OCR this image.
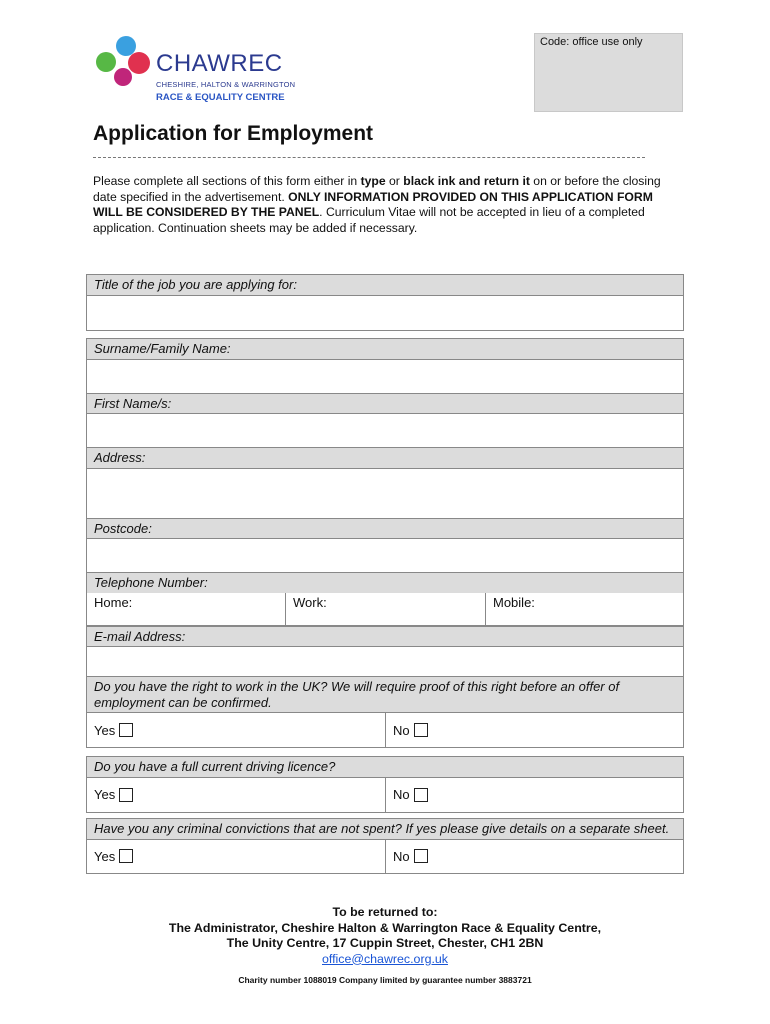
CHAWREC
CHESHIRE, HALTON & WARRINGTON
RACE & EQUALITY CENTRE
Code: office use only
Application for Employment
Please complete all sections of this form either in type or black ink and return it on or before the closing date specified in the advertisement. ONLY INFORMATION PROVIDED ON THIS APPLICATION FORM WILL BE CONSIDERED BY THE PANEL. Curriculum Vitae will not be accepted in lieu of a completed application. Continuation sheets may be added if necessary.
Title of the job you are applying for:
Surname/Family Name:
First Name/s:
Address:
Postcode:
Telephone Number:
Home:	Work:	Mobile:
E-mail Address:
Do you have the right to work in the UK? We will require proof of this right before an offer of employment can be confirmed.
Yes	No
Do you have a full current driving licence?
Yes	No
Have you any criminal convictions that are not spent? If yes please give details on a separate sheet.
Yes	No
To be returned to:
The Administrator, Cheshire Halton & Warrington Race & Equality Centre,
The Unity Centre, 17 Cuppin Street, Chester, CH1 2BN
office@chawrec.org.uk
Charity number 1088019 Company limited by guarantee number 3883721
